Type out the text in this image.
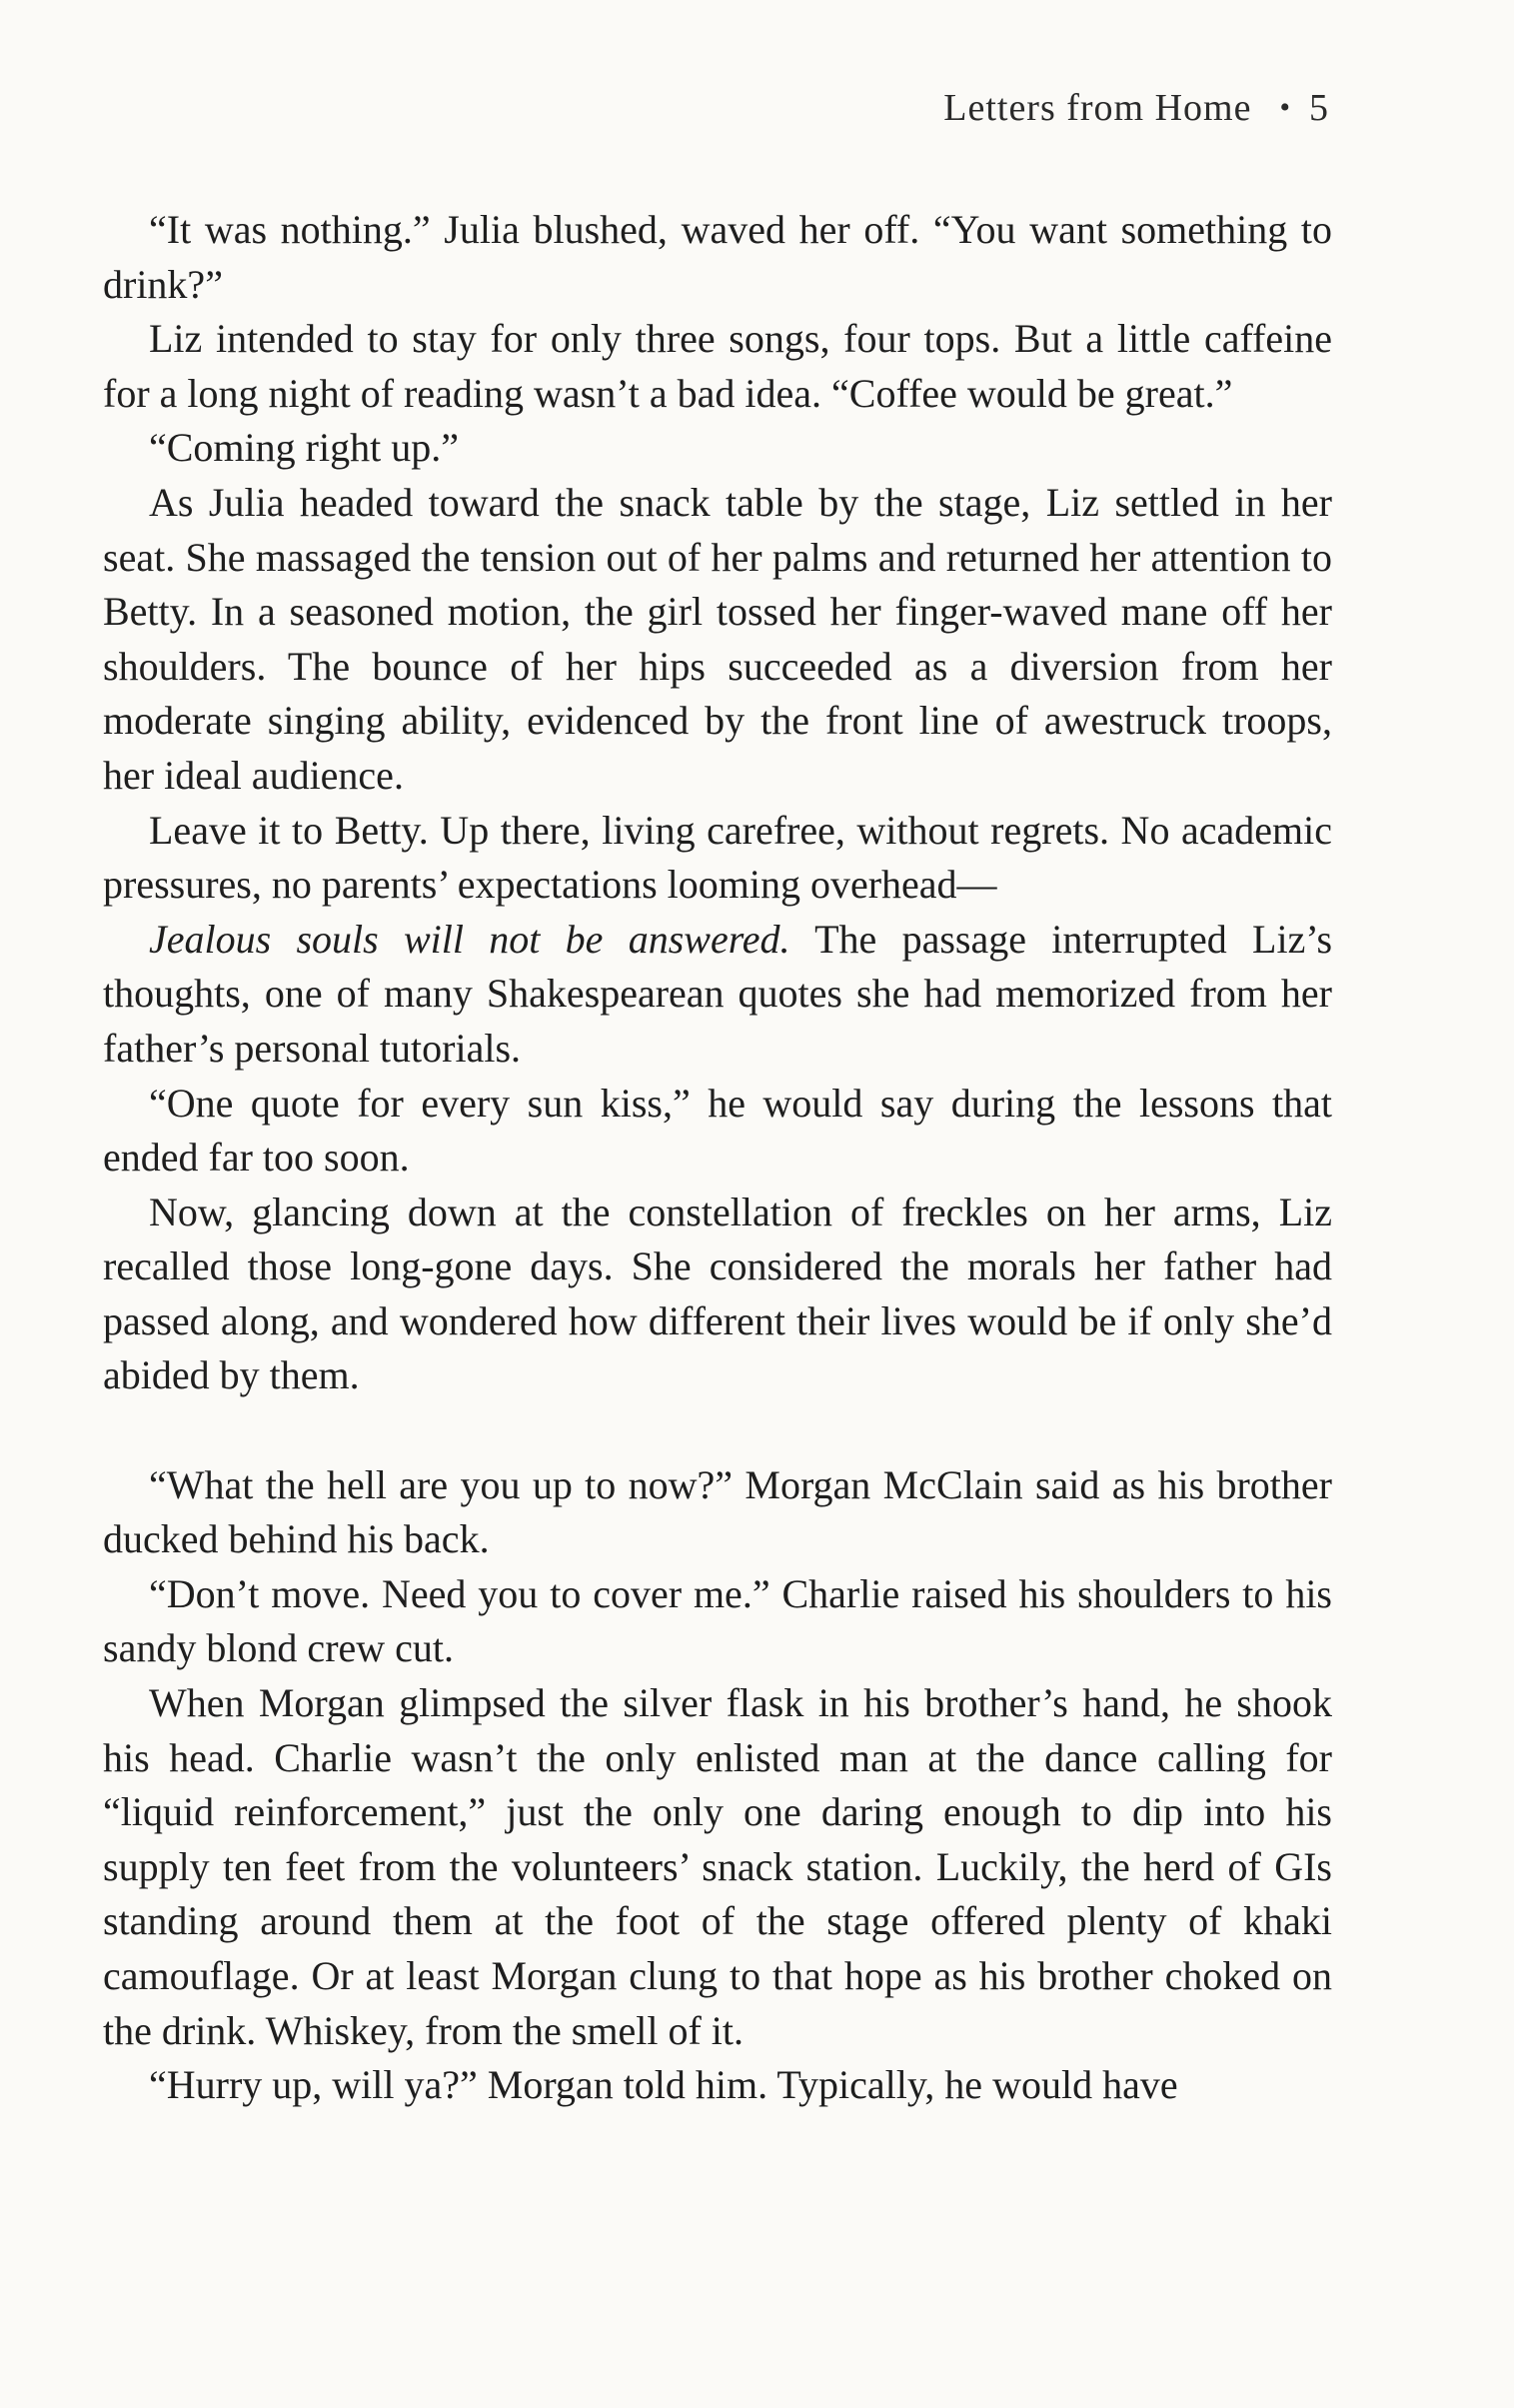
Letters from Home • 5

“It was nothing.” Julia blushed, waved her off. “You want something to drink?”

Liz intended to stay for only three songs, four tops. But a little caffeine for a long night of reading wasn’t a bad idea. “Coffee would be great.”

“Coming right up.”

As Julia headed toward the snack table by the stage, Liz settled in her seat. She massaged the tension out of her palms and returned her attention to Betty. In a seasoned motion, the girl tossed her finger-waved mane off her shoulders. The bounce of her hips succeeded as a diversion from her moderate singing ability, evidenced by the front line of awestruck troops, her ideal audience.

Leave it to Betty. Up there, living carefree, without regrets. No academic pressures, no parents’ expectations looming overhead—

Jealous souls will not be answered. The passage interrupted Liz’s thoughts, one of many Shakespearean quotes she had memorized from her father’s personal tutorials.

“One quote for every sun kiss,” he would say during the lessons that ended far too soon.

Now, glancing down at the constellation of freckles on her arms, Liz recalled those long-gone days. She considered the morals her father had passed along, and wondered how different their lives would be if only she’d abided by them.

“What the hell are you up to now?” Morgan McClain said as his brother ducked behind his back.

“Don’t move. Need you to cover me.” Charlie raised his shoulders to his sandy blond crew cut.

When Morgan glimpsed the silver flask in his brother’s hand, he shook his head. Charlie wasn’t the only enlisted man at the dance calling for “liquid reinforcement,” just the only one daring enough to dip into his supply ten feet from the volunteers’ snack station. Luckily, the herd of GIs standing around them at the foot of the stage offered plenty of khaki camouflage. Or at least Morgan clung to that hope as his brother choked on the drink. Whiskey, from the smell of it.

“Hurry up, will ya?” Morgan told him. Typically, he would have
